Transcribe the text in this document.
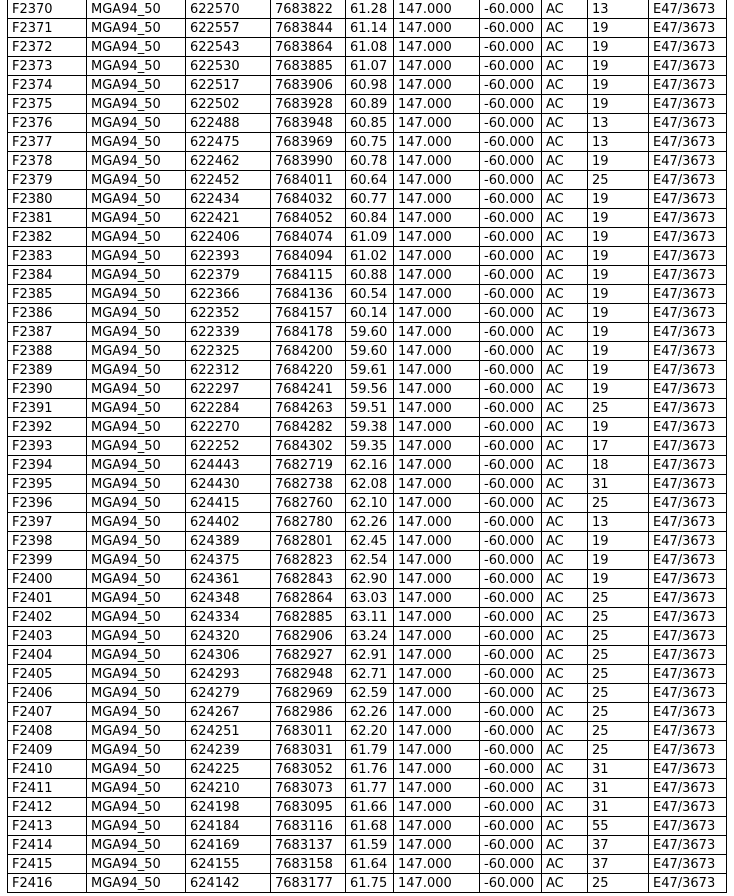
F2370	MGA94_50	622570	7683822	61.28	147.000	-60.000	AC	13	E47/3673
F2371	MGA94_50	622557	7683844	61.14	147.000	-60.000	AC	19	E47/3673
F2372	MGA94_50	622543	7683864	61.08	147.000	-60.000	AC	19	E47/3673
F2373	MGA94_50	622530	7683885	61.07	147.000	-60.000	AC	19	E47/3673
F2374	MGA94_50	622517	7683906	60.98	147.000	-60.000	AC	19	E47/3673
F2375	MGA94_50	622502	7683928	60.89	147.000	-60.000	AC	19	E47/3673
F2376	MGA94_50	622488	7683948	60.85	147.000	-60.000	AC	13	E47/3673
F2377	MGA94_50	622475	7683969	60.75	147.000	-60.000	AC	13	E47/3673
F2378	MGA94_50	622462	7683990	60.78	147.000	-60.000	AC	19	E47/3673
F2379	MGA94_50	622452	7684011	60.64	147.000	-60.000	AC	25	E47/3673
F2380	MGA94_50	622434	7684032	60.77	147.000	-60.000	AC	19	E47/3673
F2381	MGA94_50	622421	7684052	60.84	147.000	-60.000	AC	19	E47/3673
F2382	MGA94_50	622406	7684074	61.09	147.000	-60.000	AC	19	E47/3673
F2383	MGA94_50	622393	7684094	61.02	147.000	-60.000	AC	19	E47/3673
F2384	MGA94_50	622379	7684115	60.88	147.000	-60.000	AC	19	E47/3673
F2385	MGA94_50	622366	7684136	60.54	147.000	-60.000	AC	19	E47/3673
F2386	MGA94_50	622352	7684157	60.14	147.000	-60.000	AC	19	E47/3673
F2387	MGA94_50	622339	7684178	59.60	147.000	-60.000	AC	19	E47/3673
F2388	MGA94_50	622325	7684200	59.60	147.000	-60.000	AC	19	E47/3673
F2389	MGA94_50	622312	7684220	59.61	147.000	-60.000	AC	19	E47/3673
F2390	MGA94_50	622297	7684241	59.56	147.000	-60.000	AC	19	E47/3673
F2391	MGA94_50	622284	7684263	59.51	147.000	-60.000	AC	25	E47/3673
F2392	MGA94_50	622270	7684282	59.38	147.000	-60.000	AC	19	E47/3673
F2393	MGA94_50	622252	7684302	59.35	147.000	-60.000	AC	17	E47/3673
F2394	MGA94_50	624443	7682719	62.16	147.000	-60.000	AC	18	E47/3673
F2395	MGA94_50	624430	7682738	62.08	147.000	-60.000	AC	31	E47/3673
F2396	MGA94_50	624415	7682760	62.10	147.000	-60.000	AC	25	E47/3673
F2397	MGA94_50	624402	7682780	62.26	147.000	-60.000	AC	13	E47/3673
F2398	MGA94_50	624389	7682801	62.45	147.000	-60.000	AC	19	E47/3673
F2399	MGA94_50	624375	7682823	62.54	147.000	-60.000	AC	19	E47/3673
F2400	MGA94_50	624361	7682843	62.90	147.000	-60.000	AC	19	E47/3673
F2401	MGA94_50	624348	7682864	63.03	147.000	-60.000	AC	25	E47/3673
F2402	MGA94_50	624334	7682885	63.11	147.000	-60.000	AC	25	E47/3673
F2403	MGA94_50	624320	7682906	63.24	147.000	-60.000	AC	25	E47/3673
F2404	MGA94_50	624306	7682927	62.91	147.000	-60.000	AC	25	E47/3673
F2405	MGA94_50	624293	7682948	62.71	147.000	-60.000	AC	25	E47/3673
F2406	MGA94_50	624279	7682969	62.59	147.000	-60.000	AC	25	E47/3673
F2407	MGA94_50	624267	7682986	62.26	147.000	-60.000	AC	25	E47/3673
F2408	MGA94_50	624251	7683011	62.20	147.000	-60.000	AC	25	E47/3673
F2409	MGA94_50	624239	7683031	61.79	147.000	-60.000	AC	25	E47/3673
F2410	MGA94_50	624225	7683052	61.76	147.000	-60.000	AC	31	E47/3673
F2411	MGA94_50	624210	7683073	61.77	147.000	-60.000	AC	31	E47/3673
F2412	MGA94_50	624198	7683095	61.66	147.000	-60.000	AC	31	E47/3673
F2413	MGA94_50	624184	7683116	61.68	147.000	-60.000	AC	55	E47/3673
F2414	MGA94_50	624169	7683137	61.59	147.000	-60.000	AC	37	E47/3673
F2415	MGA94_50	624155	7683158	61.64	147.000	-60.000	AC	37	E47/3673
F2416	MGA94_50	624142	7683177	61.75	147.000	-60.000	AC	25	E47/3673
